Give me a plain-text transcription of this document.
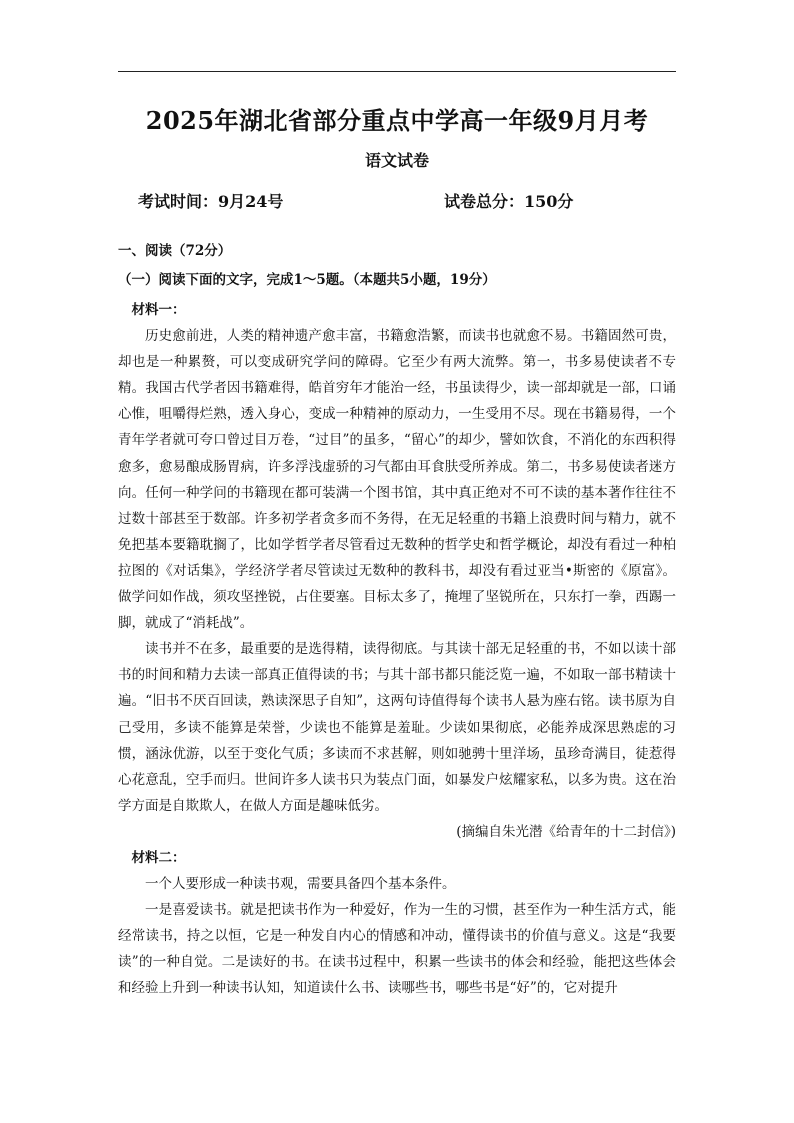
2025年湖北省部分重点中学高一年级9月月考
语文试卷
考试时间：9月24号	试卷总分：150分
一、阅读（72分）
（一）阅读下面的文字，完成1～5题。（本题共5小题，19分）

材料一：

历史愈前进，人类的精神遗产愈丰富，书籍愈浩繁，而读书也就愈不易。书籍固然可贵，却也是一种累赘，可以变成研究学问的障碍。它至少有两大流弊。第一，书多易使读者不专精。我国古代学者因书籍难得，皓首穷年才能治一经，书虽读得少，读一部却就是一部，口诵心惟，咀嚼得烂熟，透入身心，变成一种精神的原动力，一生受用不尽。现在书籍易得，一个青年学者就可夸口曾过目万卷，“过目”的虽多，“留心”的却少，譬如饮食，不消化的东西积得愈多，愈易酿成肠胃病，许多浮浅虚骄的习气都由耳食肤受所养成。第二，书多易使读者迷方向。任何一种学问的书籍现在都可装满一个图书馆，其中真正绝对不可不读的基本著作往往不过数十部甚至于数部。许多初学者贪多而不务得，在无足轻重的书籍上浪费时间与精力，就不免把基本要籍耽搁了，比如学哲学者尽管看过无数种的哲学史和哲学概论，却没有看过一种柏拉图的《对话集》，学经济学者尽管读过无数种的教科书，却没有看过亚当•斯密的《原富》。做学问如作战，须攻坚挫锐，占住要塞。目标太多了，掩埋了坚锐所在，只东打一拳，西踢一脚，就成了“消耗战”。

读书并不在多，最重要的是选得精，读得彻底。与其读十部无足轻重的书，不如以读十部书的时间和精力去读一部真正值得读的书；与其十部书都只能泛览一遍，不如取一部书精读十遍。“旧书不厌百回读，熟读深思子自知”，这两句诗值得每个读书人悬为座右铭。读书原为自己受用，多读不能算是荣誉，少读也不能算是羞耻。少读如果彻底，必能养成深思熟虑的习惯，涵泳优游，以至于变化气质；多读而不求甚解，则如驰骋十里洋场，虽珍奇满目，徒惹得心花意乱，空手而归。世间许多人读书只为装点门面，如暴发户炫耀家私，以多为贵。这在治学方面是自欺欺人，在做人方面是趣味低劣。

(摘编自朱光潜《给青年的十二封信》)

材料二：

一个人要形成一种读书观，需要具备四个基本条件。

一是喜爱读书。就是把读书作为一种爱好，作为一生的习惯，甚至作为一种生活方式，能经常读书，持之以恒，它是一种发自内心的情感和冲动，懂得读书的价值与意义。这是“我要读”的一种自觉。二是读好的书。在读书过程中，积累一些读书的体会和经验，能把这些体会和经验上升到一种读书认知，知道读什么书、读哪些书，哪些书是“好”的，它对提升
